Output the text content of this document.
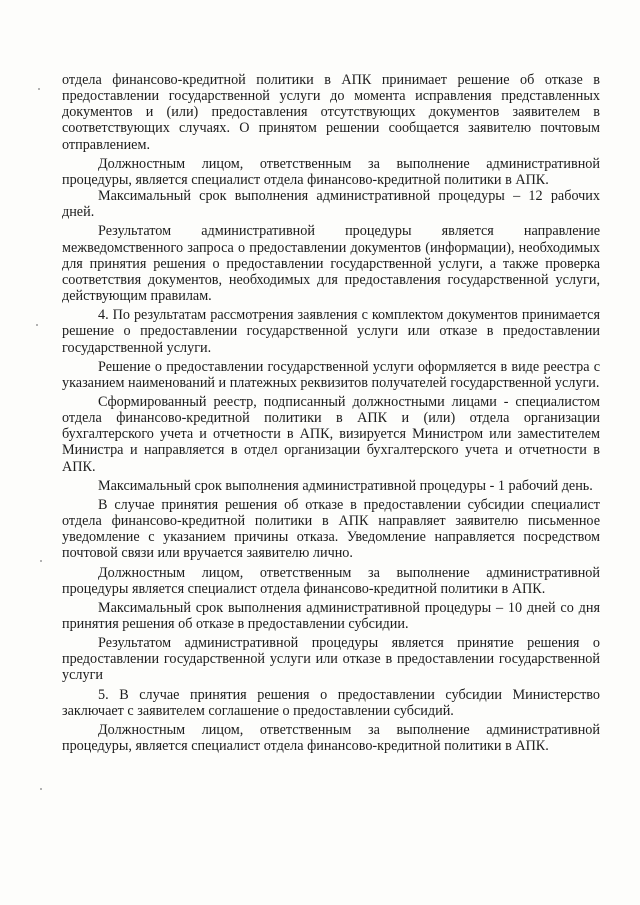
отдела финансово-кредитной политики в АПК принимает решение об отказе в предоставлении государственной услуги до момента исправления представленных документов и (или) предоставления отсутствующих документов заявителем в соответствующих случаях. О принятом решении сообщается заявителю почтовым отправлением.

Должностным лицом, ответственным за выполнение административной процедуры, является специалист отдела финансово-кредитной политики в АПК.

Максимальный срок выполнения административной процедуры – 12 рабочих дней.

Результатом административной процедуры является направление межведомственного запроса о предоставлении документов (информации), необходимых для принятия решения о предоставлении государственной услуги, а также проверка соответствия документов, необходимых для предоставления государственной услуги, действующим правилам.

4. По результатам рассмотрения заявления с комплектом документов принимается решение о предоставлении государственной услуги или отказе в предоставлении государственной услуги.

Решение о предоставлении государственной услуги оформляется в виде реестра с указанием наименований и платежных реквизитов получателей государственной услуги.

Сформированный реестр, подписанный должностными лицами - специалистом отдела финансово-кредитной политики в АПК и (или) отдела организации бухгалтерского учета и отчетности в АПК, визируется Министром или заместителем Министра и направляется в отдел организации бухгалтерского учета и отчетности в АПК.

Максимальный срок выполнения административной процедуры - 1 рабочий день.

В случае принятия решения об отказе в предоставлении субсидии специалист отдела финансово-кредитной политики в АПК направляет заявителю письменное уведомление с указанием причины отказа. Уведомление направляется посредством почтовой связи или вручается заявителю лично.

Должностным лицом, ответственным за выполнение административной процедуры является специалист отдела финансово-кредитной политики в АПК.

Максимальный срок выполнения административной процедуры – 10 дней со дня принятия решения об отказе в предоставлении субсидии.

Результатом административной процедуры является принятие решения о предоставлении государственной услуги или отказе в предоставлении государственной услуги

5. В случае принятия решения о предоставлении субсидии Министерство заключает с заявителем соглашение о предоставлении субсидий.

Должностным лицом, ответственным за выполнение административной процедуры, является специалист отдела финансово-кредитной политики в АПК.
